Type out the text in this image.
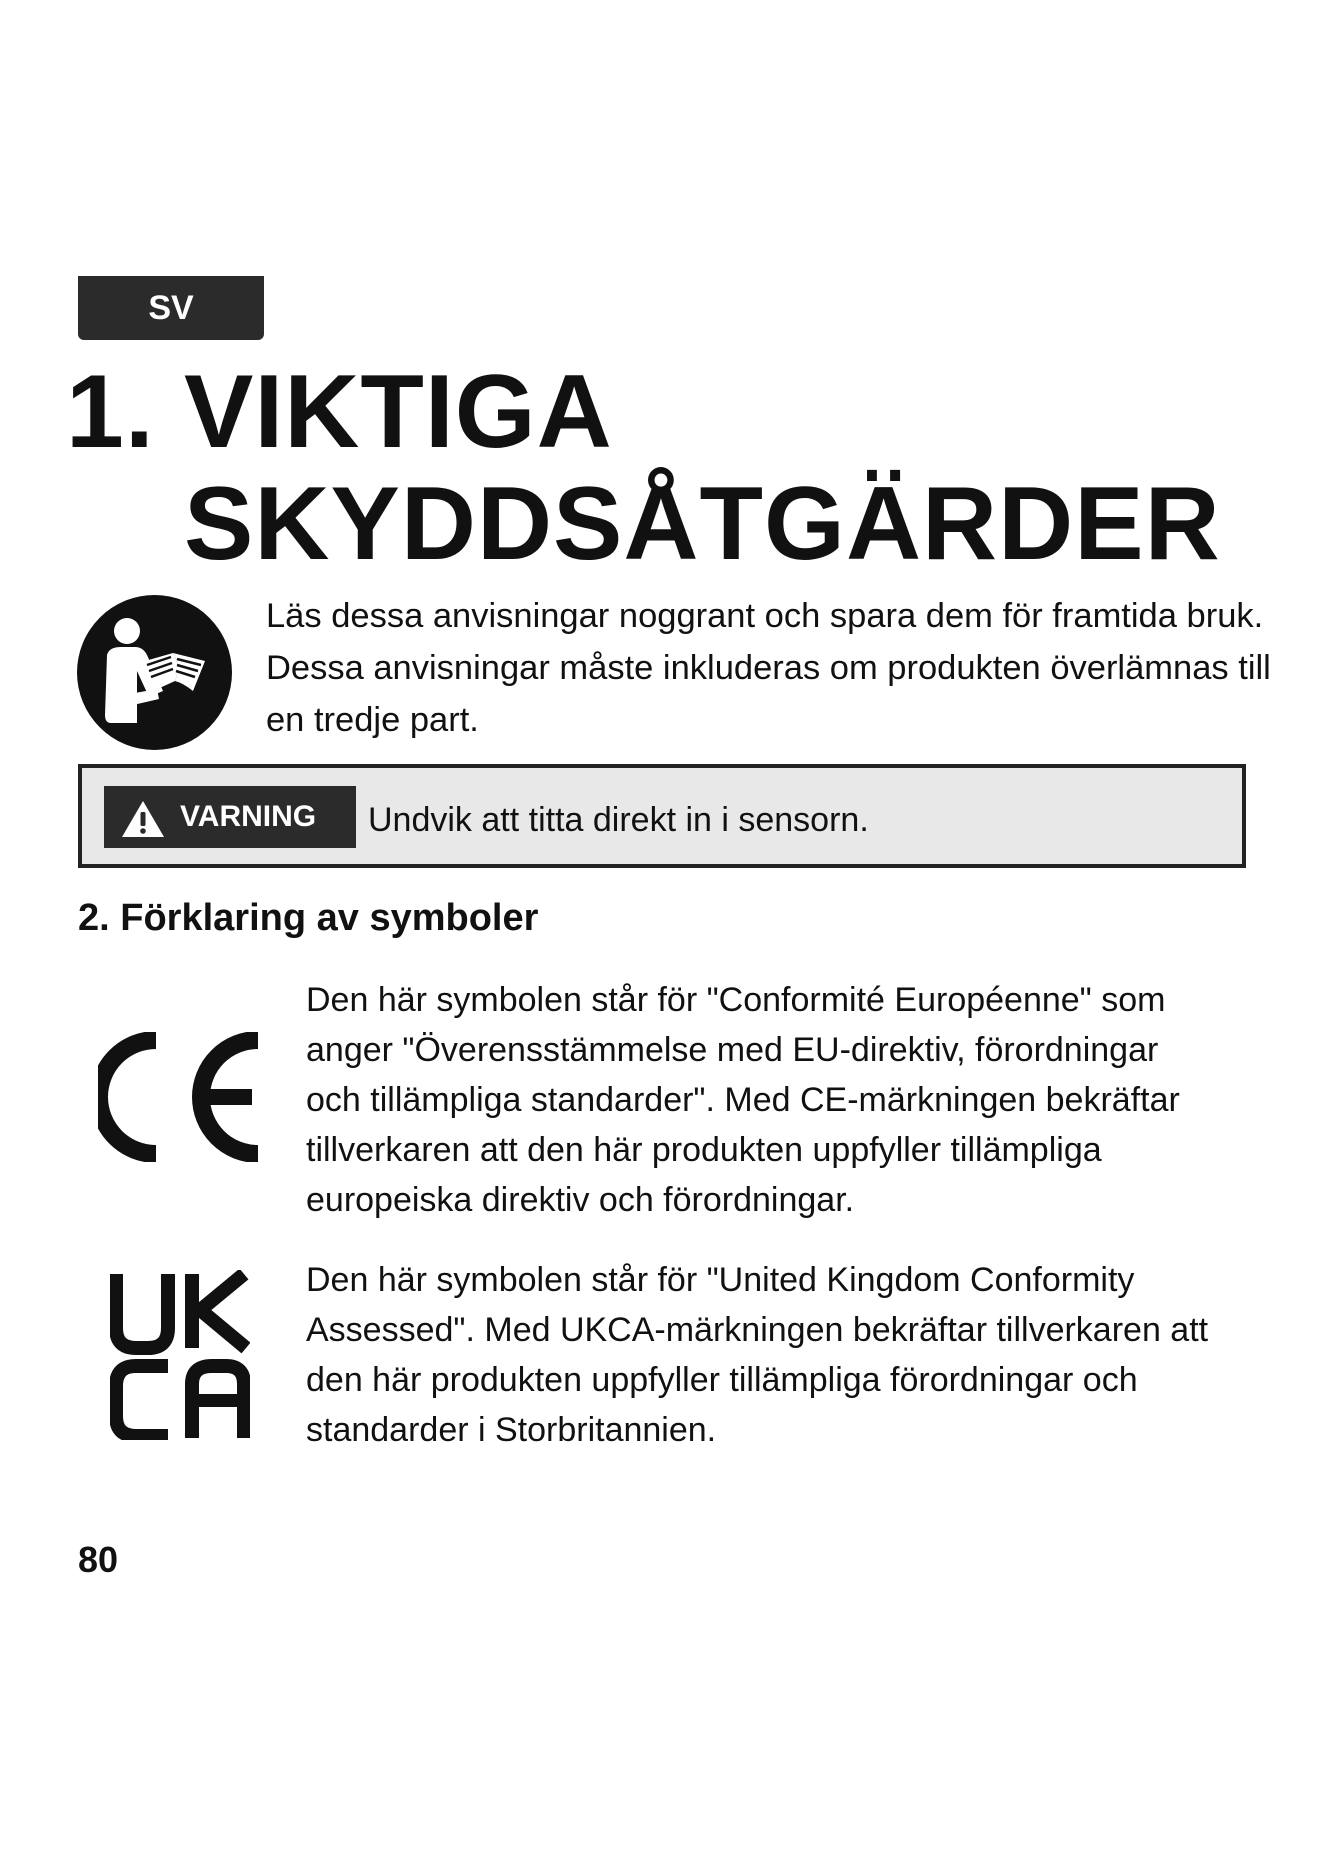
SV
1. VIKTIGA
SKYDDSÅTGÄRDER
Läs dessa anvisningar noggrant och spara dem för framtida bruk.
Dessa anvisningar måste inkluderas om produkten överlämnas till
en tredje part.
VARNING Undvik att titta direkt in i sensorn.
2. Förklaring av symboler
Den här symbolen står för "Conformité Européenne" som
anger "Överensstämmelse med EU-direktiv, förordningar
och tillämpliga standarder". Med CE-märkningen bekräftar
tillverkaren att den här produkten uppfyller tillämpliga
europeiska direktiv och förordningar.
Den här symbolen står för "United Kingdom Conformity
Assessed". Med UKCA-märkningen bekräftar tillverkaren att
den här produkten uppfyller tillämpliga förordningar och
standarder i Storbritannien.
80
